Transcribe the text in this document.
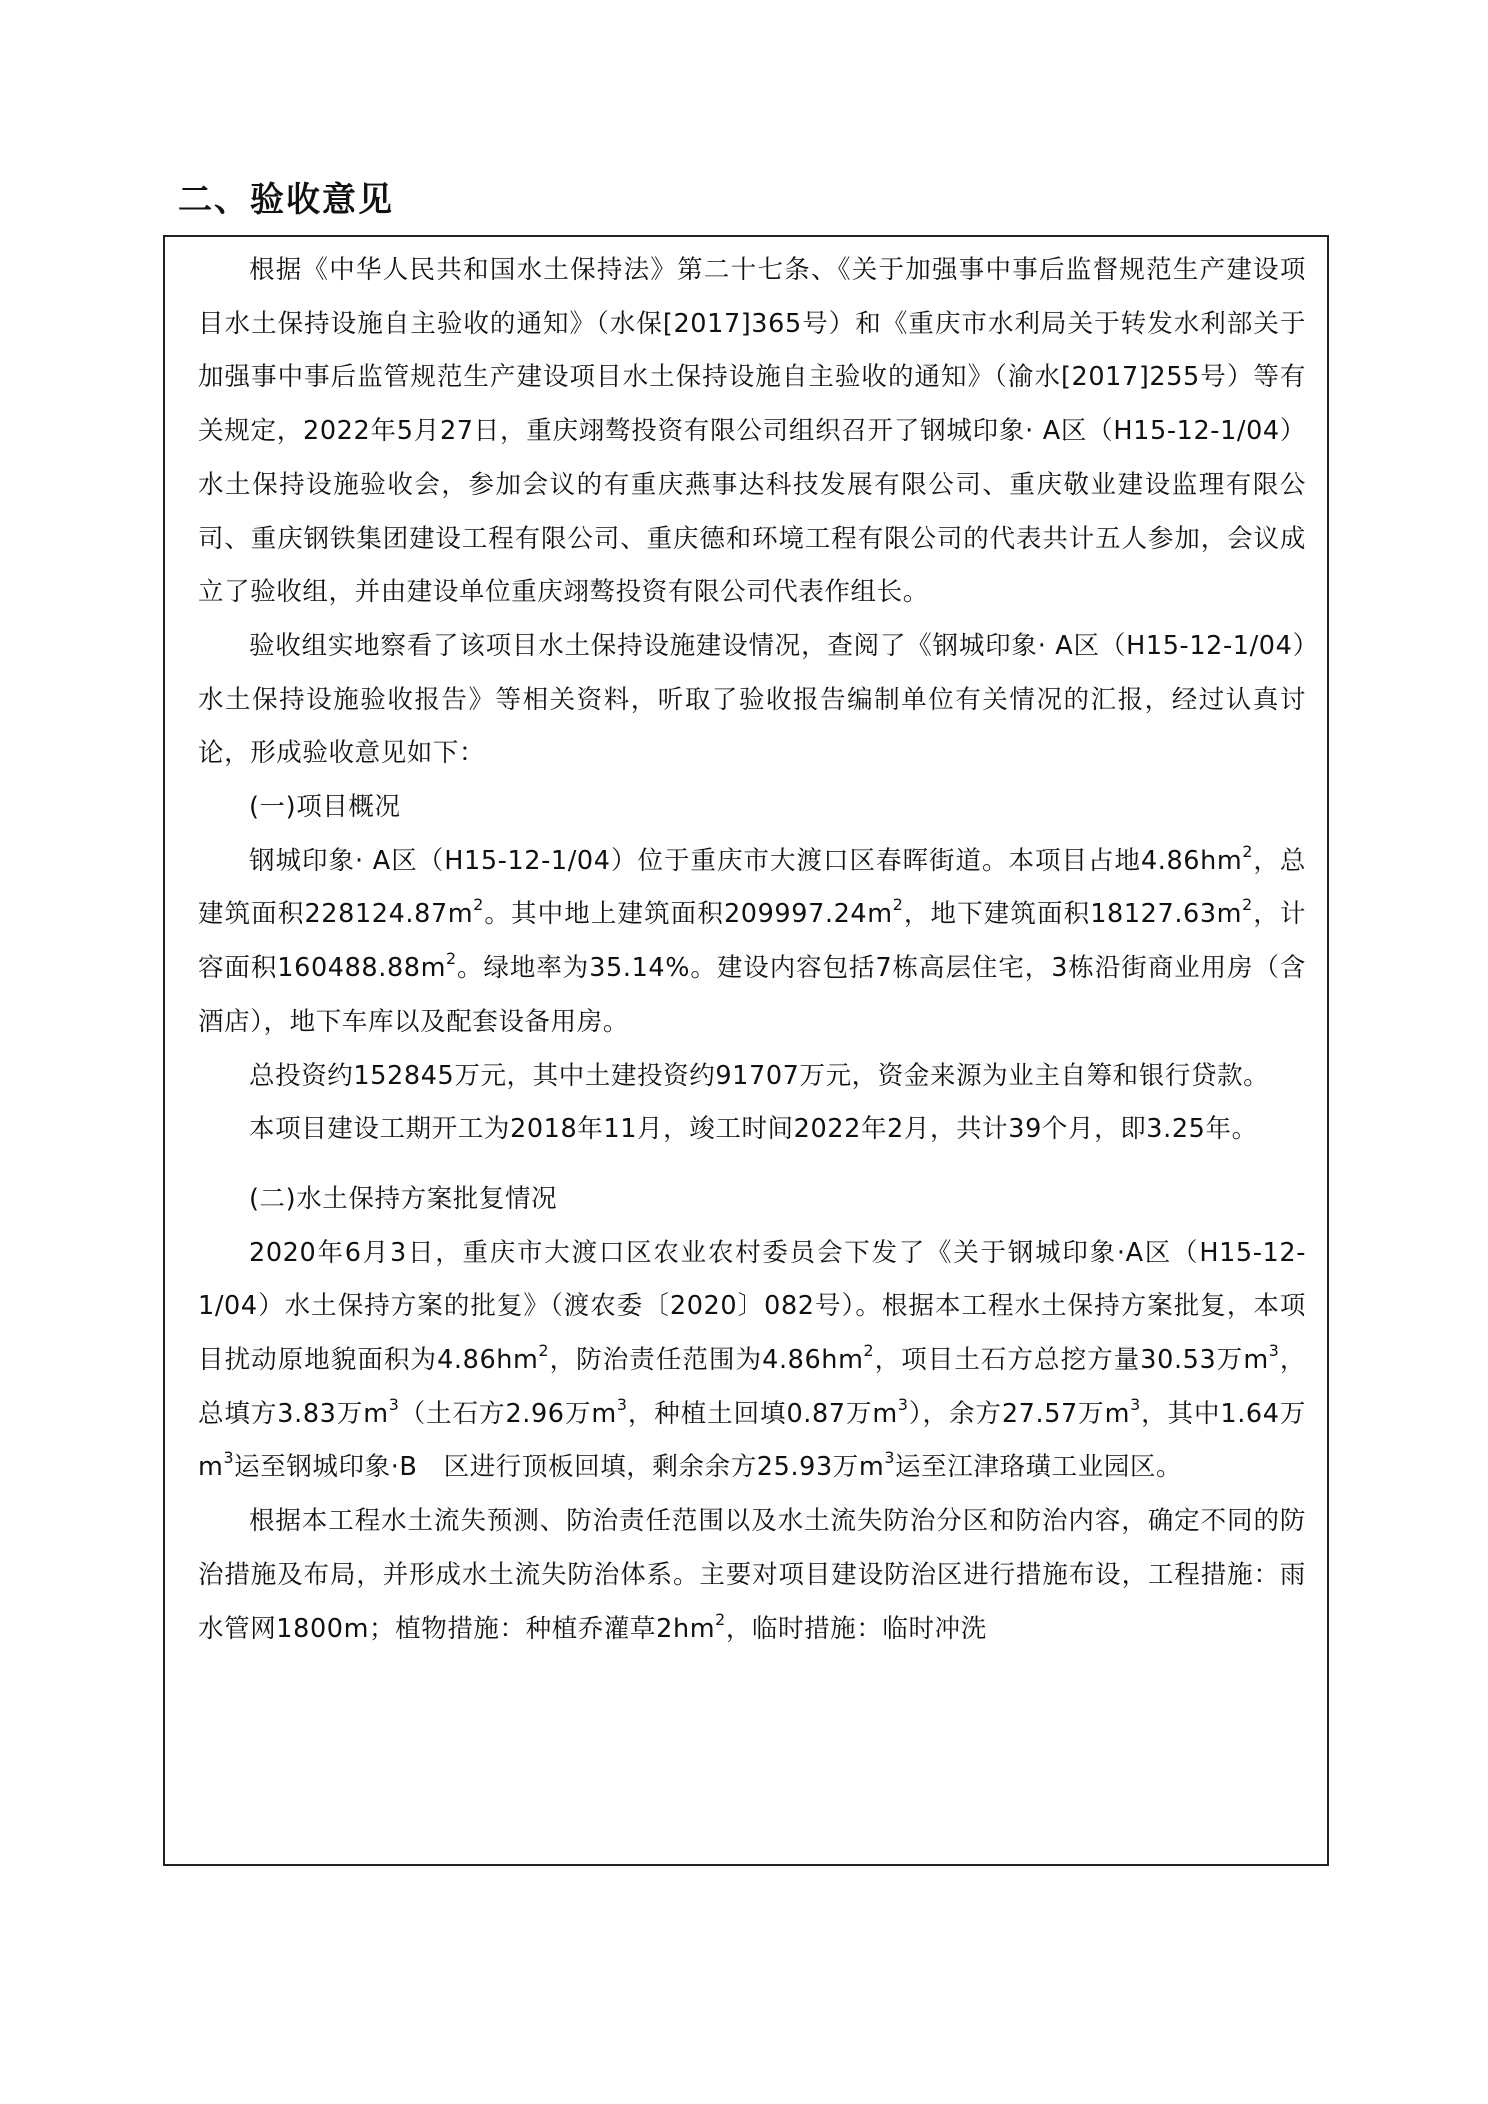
二、验收意见

根据《中华人民共和国水土保持法》第二十七条、《关于加强事中事后监督规范生产建设项目水土保持设施自主验收的通知》（水保[2017]365号）和《重庆市水利局关于转发水利部关于加强事中事后监管规范生产建设项目水土保持设施自主验收的通知》（渝水[2017]255号）等有关规定，2022年5月27日，重庆翊骜投资有限公司组织召开了钢城印象· A区（H15-12-1/04）水土保持设施验收会，参加会议的有重庆燕事达科技发展有限公司、重庆敬业建设监理有限公司、重庆钢铁集团建设工程有限公司、重庆德和环境工程有限公司的代表共计五人参加，会议成立了验收组，并由建设单位重庆翊骜投资有限公司代表作组长。

验收组实地察看了该项目水土保持设施建设情况，查阅了《钢城印象· A区（H15-12-1/04）水土保持设施验收报告》等相关资料，听取了验收报告编制单位有关情况的汇报，经过认真讨论，形成验收意见如下：

(一)项目概况

钢城印象· A区（H15-12-1/04）位于重庆市大渡口区春晖街道。本项目占地$4.86hm^2$，总建筑面积$228124.87m^2$。其中地上建筑面积$209997.24m^2$，地下建筑面积$18127.63m^2$，计容面积$160488.88m^2$。绿地率为35.14%。建设内容包括7栋高层住宅，3栋沿街商业用房（含酒店），地下车库以及配套设备用房。

总投资约152845万元，其中土建投资约91707万元，资金来源为业主自筹和银行贷款。

本项目建设工期开工为2018年11月，竣工时间2022年2月，共计39个月，即3.25年。

(二)水土保持方案批复情况

2020年6月3日，重庆市大渡口区农业农村委员会下发了《关于钢城印象·A区（H15-12-1/04）水土保持方案的批复》（渡农委〔2020〕082号）。根据本工程水土保持方案批复，本项目扰动原地貌面积为$4.86hm^2$，防治责任范围为$4.86hm^2$，项目土石方总挖方量30.53万$m^3$，总填方3.83万$m^3$（土石方2.96万$m^3$，种植土回填0.87万$m^3$），余方27.57万$m^3$，其中1.64万$m^3$运至钢城印象·B　区进行顶板回填，剩余余方25.93万$m^3$运至江津珞璜工业园区。

根据本工程水土流失预测、防治责任范围以及水土流失防治分区和防治内容，确定不同的防治措施及布局，并形成水土流失防治体系。主要对项目建设防治区进行措施布设，工程措施：雨水管网1800m；植物措施：种植乔灌草$2hm^2$，临时措施：临时冲洗
